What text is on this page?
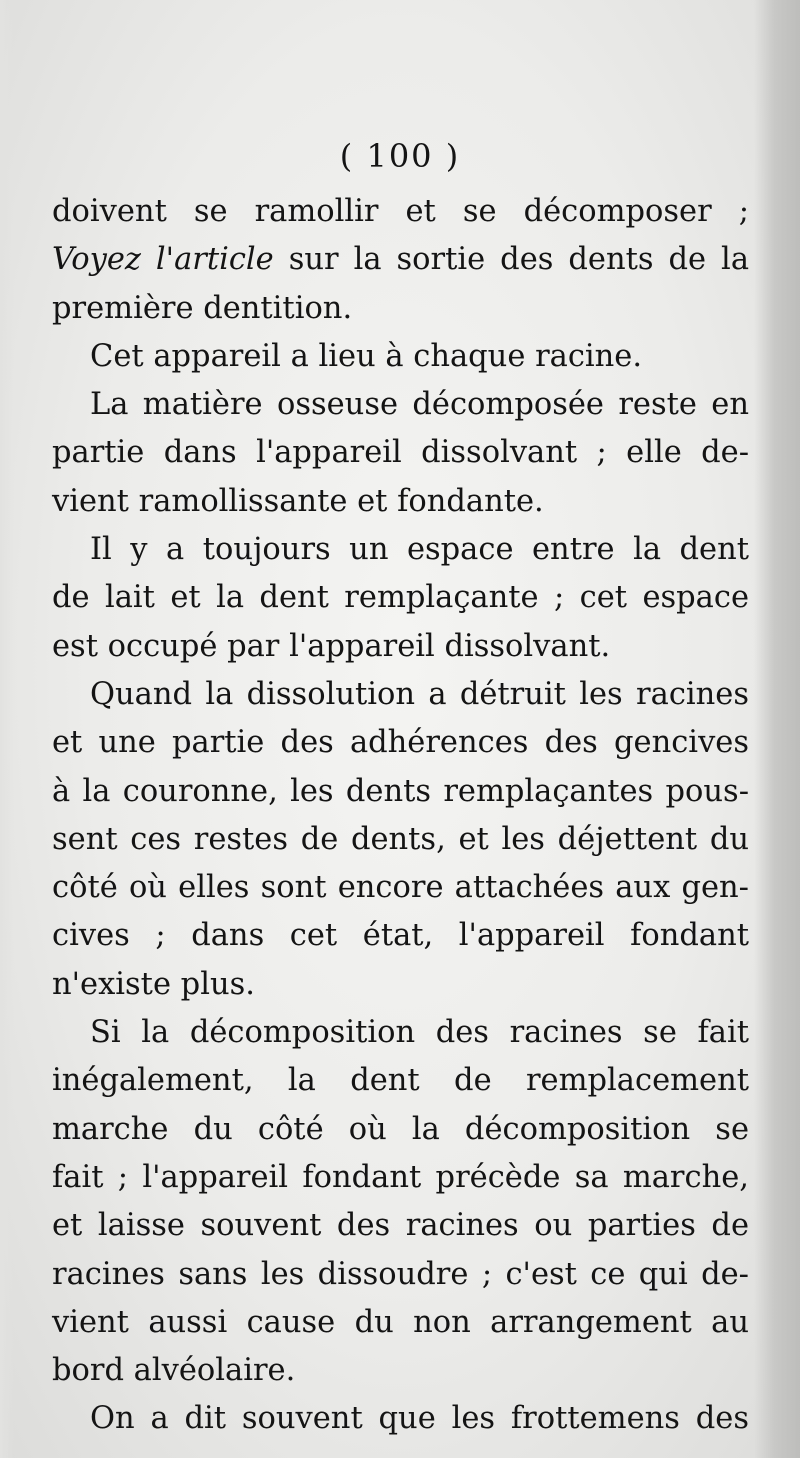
( 100 )
doivent se ramollir et se décomposer ;
Voyez l'article sur la sortie des dents de la
première dentition.
Cet appareil a lieu à chaque racine.
La matière osseuse décomposée reste en
partie dans l'appareil dissolvant ; elle de-
vient ramollissante et fondante.
Il y a toujours un espace entre la dent
de lait et la dent remplaçante ; cet espace
est occupé par l'appareil dissolvant.
Quand la dissolution a détruit les racines
et une partie des adhérences des gencives
à la couronne, les dents remplaçantes pous-
sent ces restes de dents, et les déjettent du
côté où elles sont encore attachées aux gen-
cives ; dans cet état, l'appareil fondant
n'existe plus.
Si la décomposition des racines se fait
inégalement, la dent de remplacement
marche du côté où la décomposition se
fait ; l'appareil fondant précède sa marche,
et laisse souvent des racines ou parties de
racines sans les dissoudre ; c'est ce qui de-
vient aussi cause du non arrangement au
bord alvéolaire.
On a dit souvent que les frottemens des
